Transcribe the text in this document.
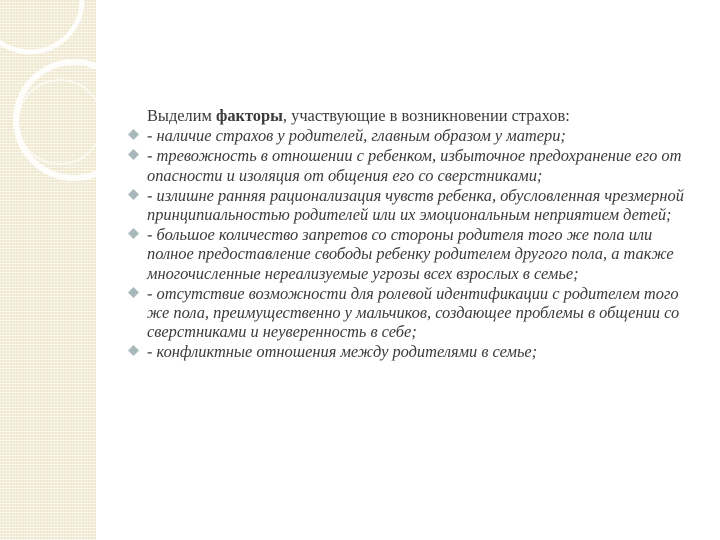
Выделим факторы, участвующие в возникновении страхов:

- наличие страхов у родителей, главным образом у матери;
- тревожность в отношении с ребенком, избыточное предохранение его от опасности и изоляция от общения его со сверстниками;
- излишне ранняя рационализация чувств ребенка, обусловленная чрезмерной принципиальностью родителей или их эмоциональным неприятием детей;
- большое количество запретов со стороны родителя того же пола или полное предоставление свободы ребенку родителем другого пола, а также многочисленные нереализуемые угрозы всех взрослых в семье;
- отсутствие возможности для ролевой идентификации с родителем того же пола, преимущественно у мальчиков, создающее проблемы в общении со сверстниками и неуверенность в себе;
- конфликтные отношения между родителями в семье;
